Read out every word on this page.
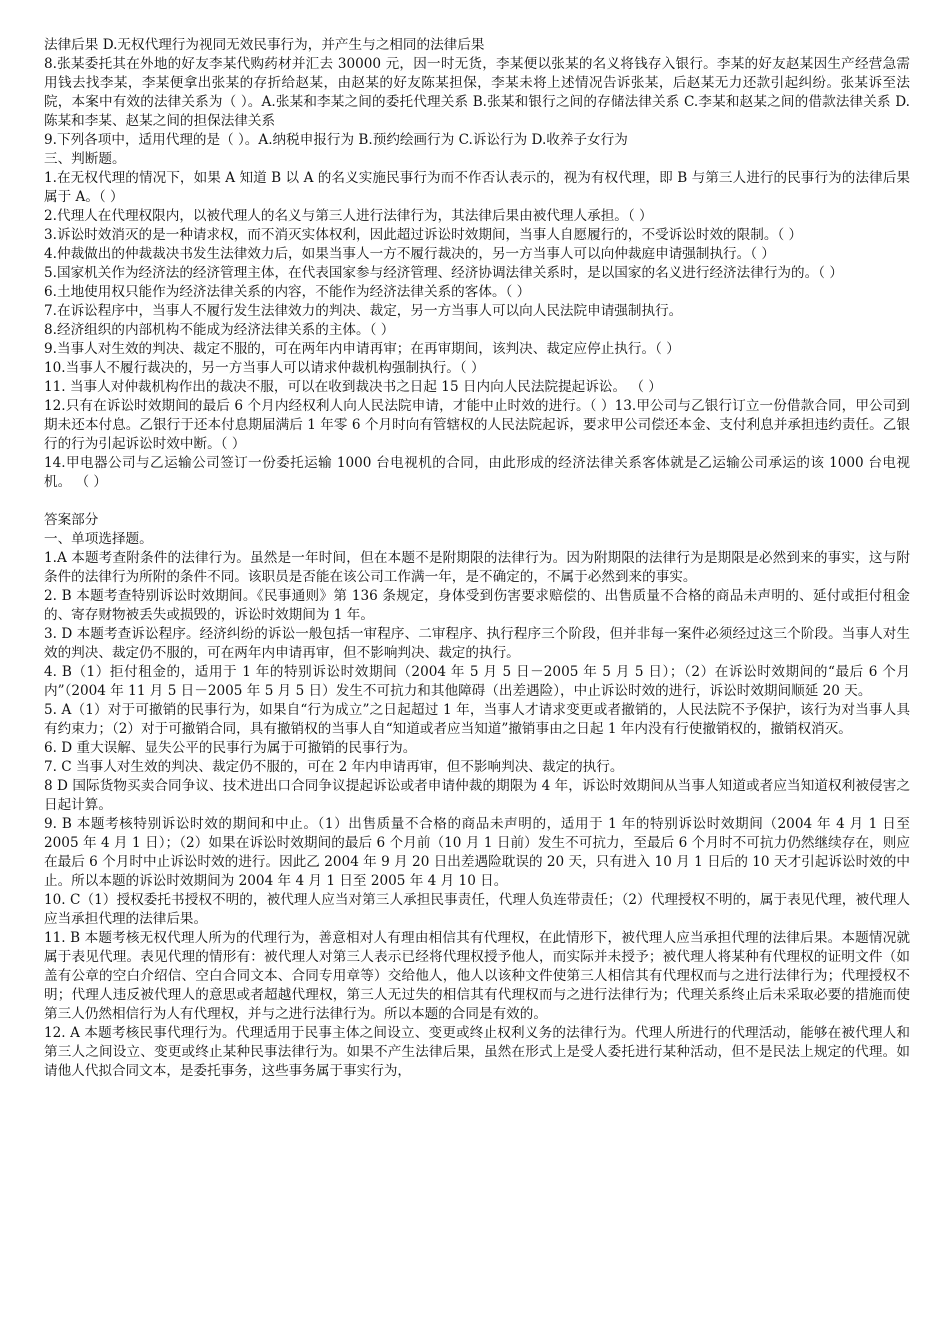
法律后果 D.无权代理行为视同无效民事行为，并产生与之相同的法律后果

8.张某委托其在外地的好友李某代购药材并汇去 30000 元，因一时无货，李某便以张某的名义将钱存入银行。李某的好友赵某因生产经营急需用钱去找李某，李某便拿出张某的存折给赵某，由赵某的好友陈某担保，李某未将上述情况告诉张某，后赵某无力还款引起纠纷。张某诉至法院，本案中有效的法律关系为（ ）。A.张某和李某之间的委托代理关系 B.张某和银行之间的存储法律关系 C.李某和赵某之间的借款法律关系 D.陈某和李某、赵某之间的担保法律关系

9.下列各项中，适用代理的是（ ）。A.纳税申报行为 B.预约绘画行为 C.诉讼行为 D.收养子女行为

三、判断题。

1.在无权代理的情况下，如果 A 知道 B 以 A 的名义实施民事行为而不作否认表示的，视为有权代理，即 B 与第三人进行的民事行为的法律后果属于 A。（ ）

2.代理人在代理权限内，以被代理人的名义与第三人进行法律行为，其法律后果由被代理人承担。（ ）

3.诉讼时效消灭的是一种请求权，而不消灭实体权利，因此超过诉讼时效期间，当事人自愿履行的，不受诉讼时效的限制。（ ）

4.仲裁做出的仲裁裁决书发生法律效力后，如果当事人一方不履行裁决的，另一方当事人可以向仲裁庭申请强制执行。（ ）

5.国家机关作为经济法的经济管理主体，在代表国家参与经济管理、经济协调法律关系时，是以国家的名义进行经济法律行为的。（ ）

6.土地使用权只能作为经济法律关系的内容，不能作为经济法律关系的客体。（ ）

7.在诉讼程序中，当事人不履行发生法律效力的判决、裁定，另一方当事人可以向人民法院申请强制执行。

8.经济组织的内部机构不能成为经济法律关系的主体。（ ）

9.当事人对生效的判决、裁定不服的，可在两年内申请再审；在再审期间，该判决、裁定应停止执行。（ ）

10.当事人不履行裁决的，另一方当事人可以请求仲裁机构强制执行。（ ）

11. 当事人对仲裁机构作出的裁决不服，可以在收到裁决书之日起 15 日内向人民法院提起诉讼。 （ ）

12.只有在诉讼时效期间的最后 6 个月内经权利人向人民法院申请，才能中止时效的进行。（ ）13.甲公司与乙银行订立一份借款合同，甲公司到期未还本付息。乙银行于还本付息期届满后 1 年零 6 个月时向有管辖权的人民法院起诉，要求甲公司偿还本金、支付利息并承担违约责任。乙银行的行为引起诉讼时效中断。（ ）

14.甲电器公司与乙运输公司签订一份委托运输 1000 台电视机的合同，由此形成的经济法律关系客体就是乙运输公司承运的该 1000 台电视机。 （ ）

答案部分

一、单项选择题。

1.A 本题考查附条件的法律行为。虽然是一年时间，但在本题不是附期限的法律行为。因为附期限的法律行为是期限是必然到来的事实，这与附条件的法律行为所附的条件不同。该职员是否能在该公司工作满一年，是不确定的，不属于必然到来的事实。

2. B 本题考查特别诉讼时效期间。《民事通则》第 136 条规定，身体受到伤害要求赔偿的、出售质量不合格的商品未声明的、延付或拒付租金的、寄存财物被丢失或损毁的，诉讼时效期间为 1 年。

3. D 本题考查诉讼程序。经济纠纷的诉讼一般包括一审程序、二审程序、执行程序三个阶段，但并非每一案件必须经过这三个阶段。当事人对生效的判决、裁定仍不服的，可在两年内申请再审，但不影响判决、裁定的执行。

4. B（1）拒付租金的，适用于 1 年的特别诉讼时效期间（2004 年 5 月 5 日－2005 年 5 月 5 日）；（2）在诉讼时效期间的“最后 6 个月内”（2004 年 11 月 5 日－2005 年 5 月 5 日）发生不可抗力和其他障碍（出差遇险），中止诉讼时效的进行，诉讼时效期间顺延 20 天。

5. A（1）对于可撤销的民事行为，如果自“行为成立”之日起超过 1 年，当事人才请求变更或者撤销的，人民法院不予保护，该行为对当事人具有约束力；（2）对于可撤销合同，具有撤销权的当事人自“知道或者应当知道”撤销事由之日起 1 年内没有行使撤销权的，撤销权消灭。

6. D 重大误解、显失公平的民事行为属于可撤销的民事行为。

7. C 当事人对生效的判决、裁定仍不服的，可在 2 年内申请再审，但不影响判决、裁定的执行。

8 D 国际货物买卖合同争议、技术进出口合同争议提起诉讼或者申请仲裁的期限为 4 年，诉讼时效期间从当事人知道或者应当知道权利被侵害之日起计算。

9. B 本题考核特别诉讼时效的期间和中止。（1）出售质量不合格的商品未声明的，适用于 1 年的特别诉讼时效期间（2004 年 4 月 1 日至 2005 年 4 月 1 日）；（2）如果在诉讼时效期间的最后 6 个月前（10 月 1 日前）发生不可抗力，至最后 6 个月时不可抗力仍然继续存在，则应在最后 6 个月时中止诉讼时效的进行。因此乙 2004 年 9 月 20 日出差遇险耽误的 20 天，只有进入 10 月 1 日后的 10 天才引起诉讼时效的中止。所以本题的诉讼时效期间为 2004 年 4 月 1 日至 2005 年 4 月 10 日。

10. C（1）授权委托书授权不明的，被代理人应当对第三人承担民事责任，代理人负连带责任；（2）代理授权不明的，属于表见代理，被代理人应当承担代理的法律后果。

11. B 本题考核无权代理人所为的代理行为，善意相对人有理由相信其有代理权，在此情形下，被代理人应当承担代理的法律后果。本题情况就属于表见代理。表见代理的情形有：被代理人对第三人表示已经将代理权授予他人，而实际并未授予；被代理人将某种有代理权的证明文件（如盖有公章的空白介绍信、空白合同文本、合同专用章等）交给他人，他人以该种文件使第三人相信其有代理权而与之进行法律行为；代理授权不明；代理人违反被代理人的意思或者超越代理权，第三人无过失的相信其有代理权而与之进行法律行为；代理关系终止后未采取必要的措施而使第三人仍然相信行为人有代理权，并与之进行法律行为。所以本题的合同是有效的。

12. A 本题考核民事代理行为。代理适用于民事主体之间设立、变更或终止权利义务的法律行为。代理人所进行的代理活动，能够在被代理人和第三人之间设立、变更或终止某种民事法律行为。如果不产生法律后果，虽然在形式上是受人委托进行某种活动，但不是民法上规定的代理。如请他人代拟合同文本，是委托事务，这些事务属于事实行为，
